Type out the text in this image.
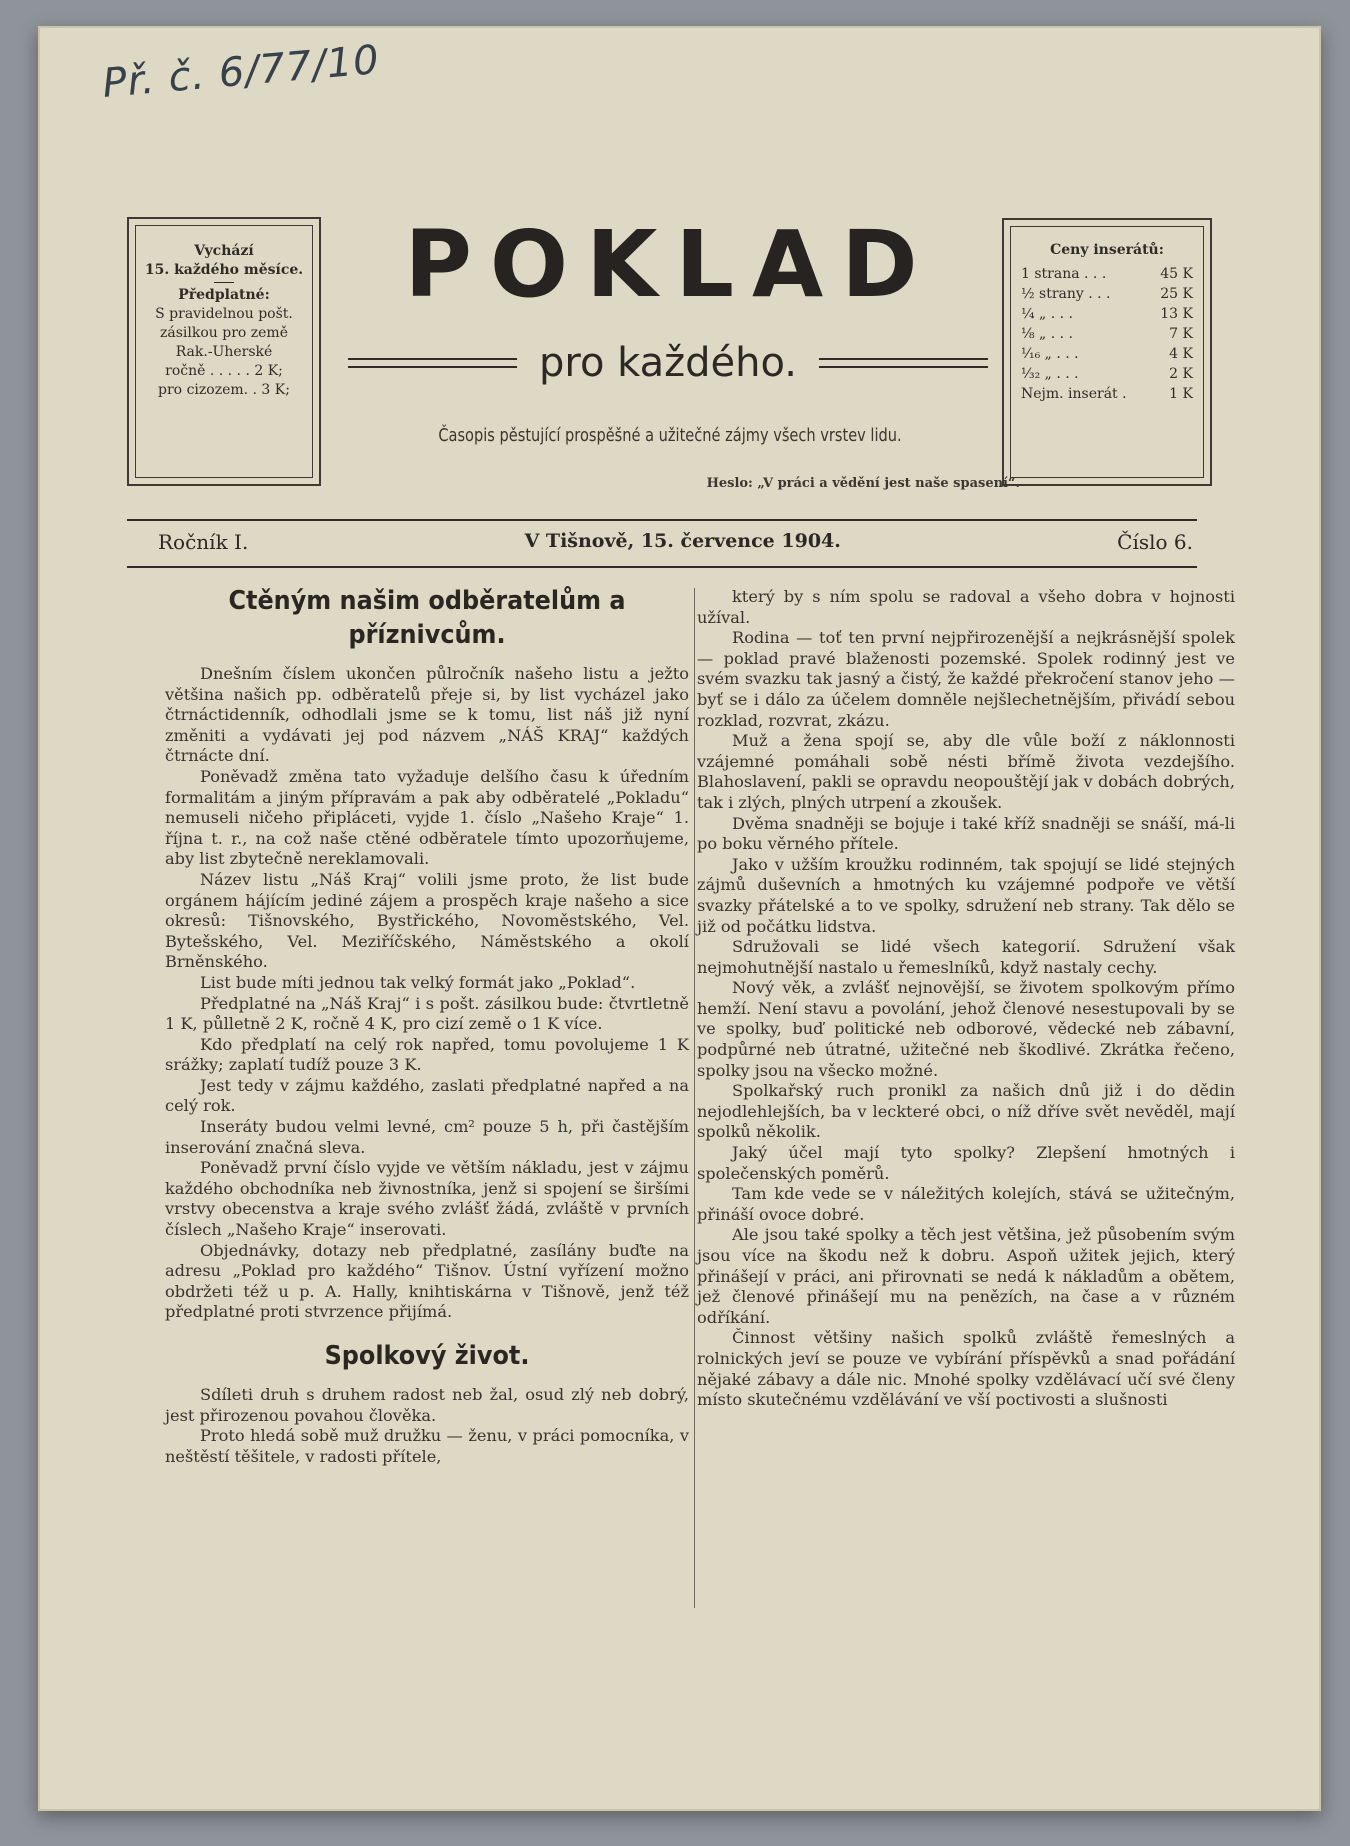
Př. č. 6/77/10
Vychází
15. každého měsíce.
Předplatné:
S pravidelnou pošt.
zásilkou pro země
Rak.-Uherské
ročně . . . . . 2 K;
pro cizozem. . 3 K;
Ceny inserátů:
1 strana . . .	45 K
½ strany . . .	25 K
¼ „ . . .	13 K
⅛ „ . . .	7 K
¹⁄₁₆ „ . . .	4 K
¹⁄₃₂ „ . . .	2 K
Nejm. inserát .	1 K
POKLAD
pro každého.
Časopis pěstující prospěšné a užitečné zájmy všech vrstev lidu.
Heslo: „V práci a vědění jest naše spasení“.
Ročník I.	V Tišnově, 15. července 1904.	Číslo 6.
Ctěným našim odběratelům a příznivcům.

Dnešním číslem ukončen půlročník našeho listu a ježto většina našich pp. odběratelů přeje si, by list vycházel jako čtrnáctidenník, odhodlali jsme se k tomu, list náš již nyní změniti a vydávati jej pod názvem „NÁŠ KRAJ“ každých čtrnácte dní.

Poněvadž změna tato vyžaduje delšího času k úředním formalitám a jiným přípravám a pak aby odběratelé „Pokladu“ nemuseli ničeho připláceti, vyjde 1. číslo „Našeho Kraje“ 1. října t. r., na což naše ctěné odběratele tímto upozorňujeme, aby list zbytečně nereklamovali.

Název listu „Náš Kraj“ volili jsme proto, že list bude orgánem hájícím jediné zájem a prospěch kraje našeho a sice okresů: Tišnovského, Bystřického, Novoměstského, Vel. Bytešského, Vel. Meziříčského, Náměstského a okolí Brněnského.

List bude míti jednou tak velký formát jako „Poklad“.

Předplatné na „Náš Kraj“ i s pošt. zásilkou bude: čtvrtletně 1 K, půlletně 2 K, ročně 4 K, pro cizí země o 1 K více.

Kdo předplatí na celý rok napřed, tomu povolujeme 1 K srážky; zaplatí tudíž pouze 3 K.

Jest tedy v zájmu každého, zaslati předplatné napřed a na celý rok.

Inseráty budou velmi levné, cm² pouze 5 h, při častějším inserování značná sleva.

Poněvadž první číslo vyjde ve větším nákladu, jest v zájmu každého obchodníka neb živnostníka, jenž si spojení se širšími vrstvy obecenstva a kraje svého zvlášť žádá, zvláště v prvních číslech „Našeho Kraje“ inserovati.

Objednávky, dotazy neb předplatné, zasílány buďte na adresu „Poklad pro každého“ Tišnov. Ústní vyřízení možno obdržeti též u p. A. Hally, knihtiskárna v Tišnově, jenž též předplatné proti stvrzence přijímá.

Spolkový život.

Sdíleti druh s druhem radost neb žal, osud zlý neb dobrý, jest přirozenou povahou člověka.

Proto hledá sobě muž družku — ženu, v práci pomocníka, v neštěstí těšitele, v radosti přítele,

který by s ním spolu se radoval a všeho dobra v hojnosti užíval.

Rodina — toť ten první nejpřirozenější a nejkrásnější spolek — poklad pravé blaženosti pozemské. Spolek rodinný jest ve svém svazku tak jasný a čistý, že každé překročení stanov jeho — byť se i dálo za účelem domněle nejšlechetnějším, přivádí sebou rozklad, rozvrat, zkázu.

Muž a žena spojí se, aby dle vůle boží z náklonnosti vzájemné pomáhali sobě nésti břímě života vezdejšího. Blahoslavení, pakli se opravdu neopouštějí jak v dobách dobrých, tak i zlých, plných utrpení a zkoušek.

Dvěma snadněji se bojuje i také kříž snadněji se snáší, má-li po boku věrného přítele.

Jako v užším kroužku rodinném, tak spojují se lidé stejných zájmů duševních a hmotných ku vzájemné podpoře ve větší svazky přátelské a to ve spolky, sdružení neb strany. Tak dělo se již od počátku lidstva.

Sdružovali se lidé všech kategorií. Sdružení však nejmohutnější nastalo u řemeslníků, když nastaly cechy.

Nový věk, a zvlášť nejnovější, se životem spolkovým přímo hemží. Není stavu a povolání, jehož členové nesestupovali by se ve spolky, buď politické neb odborové, vědecké neb zábavní, podpůrné neb útratné, užitečné neb škodlivé. Zkrátka řečeno, spolky jsou na všecko možné.

Spolkařský ruch pronikl za našich dnů již i do dědin nejodlehlejších, ba v leckteré obci, o níž dříve svět nevěděl, mají spolků několik.

Jaký účel mají tyto spolky? Zlepšení hmotných i společenských poměrů.

Tam kde vede se v náležitých kolejích, stává se užitečným, přináší ovoce dobré.

Ale jsou také spolky a těch jest většina, jež působením svým jsou více na škodu než k dobru. Aspoň užitek jejich, který přinášejí v práci, ani přirovnati se nedá k nákladům a obětem, jež členové přinášejí mu na penězích, na čase a v různém odříkání.

Činnost většiny našich spolků zvláště řemeslných a rolnických jeví se pouze ve vybírání příspěvků a snad pořádání nějaké zábavy a dále nic. Mnohé spolky vzdělávací učí své členy místo skutečnému vzdělávání ve vší poctivosti a slušnosti
